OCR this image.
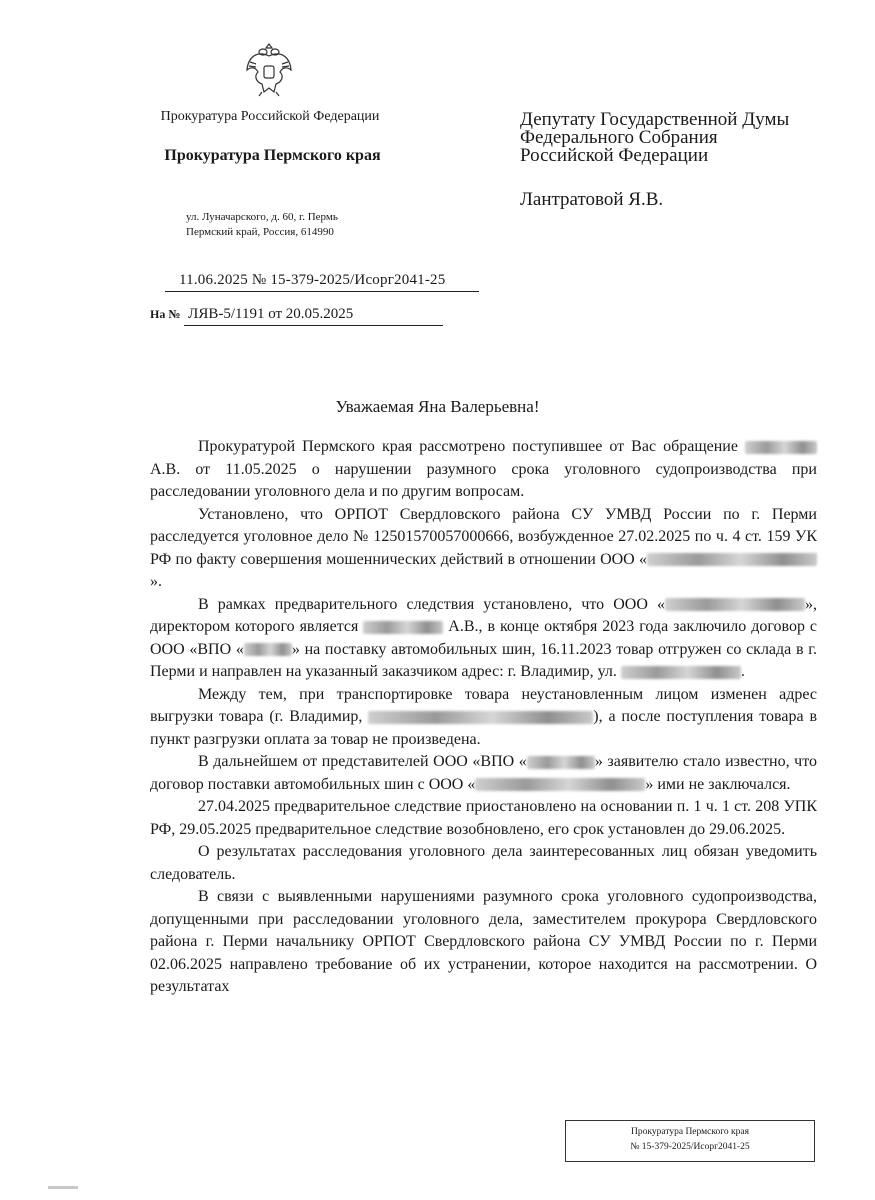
Прокуратура Российской Федерации
Прокуратура Пермского края
ул. Луначарского, д. 60, г. Пермь
Пермский край, Россия, 614990
Депутату Государственной Думы
Федерального Собрания
Российской Федерации
Лантратовой Я.В.
11.06.2025 № 15-379-2025/Исорг2041-25
На № ЛЯВ-5/1191 от 20.05.2025
Уважаемая Яна Валерьевна!

Прокуратурой Пермского края рассмотрено поступившее от Вас обращение  А.В. от 11.05.2025 о нарушении разумного срока уголовного судопроизводства при расследовании уголовного дела и по другим вопросам.

Установлено, что ОРПОТ Свердловского района СУ УМВД России по г. Перми расследуется уголовное дело № 12501570057000666, возбужденное 27.02.2025 по ч. 4 ст. 159 УК РФ по факту совершения мошеннических действий в отношении ООО «».

В рамках предварительного следствия установлено, что ООО «	», директором которого является	А.В., в конце октября 2023 года заключило договор с ООО «ВПО «	» на поставку автомобильных шин, 16.11.2023 товар отгружен со склада в г. Перми и направлен на указанный заказчиком адрес: г. Владимир, ул.	.

Между тем, при транспортировке товара неустановленным лицом изменен адрес выгрузки товара (г. Владимир,	), а после поступления товара в пункт разгрузки оплата за товар не произведена.

В дальнейшем от представителей ООО «ВПО «	» заявителю стало известно, что договор поставки автомобильных шин с ООО «	» ими не заключался.

27.04.2025 предварительное следствие приостановлено на основании п. 1 ч. 1 ст. 208 УПК РФ, 29.05.2025 предварительное следствие возобновлено, его срок установлен до 29.06.2025.

О результатах расследования уголовного дела заинтересованных лиц обязан уведомить следователь.

В связи с выявленными нарушениями разумного срока уголовного судопроизводства, допущенными при расследовании уголовного дела, заместителем прокурора Свердловского района г. Перми начальнику ОРПОТ Свердловского района СУ УМВД России по г. Перми 02.06.2025 направлено требование об их устранении, которое находится на рассмотрении. О результатах

Прокуратура Пермского края
№ 15-379-2025/Исорг2041-25
